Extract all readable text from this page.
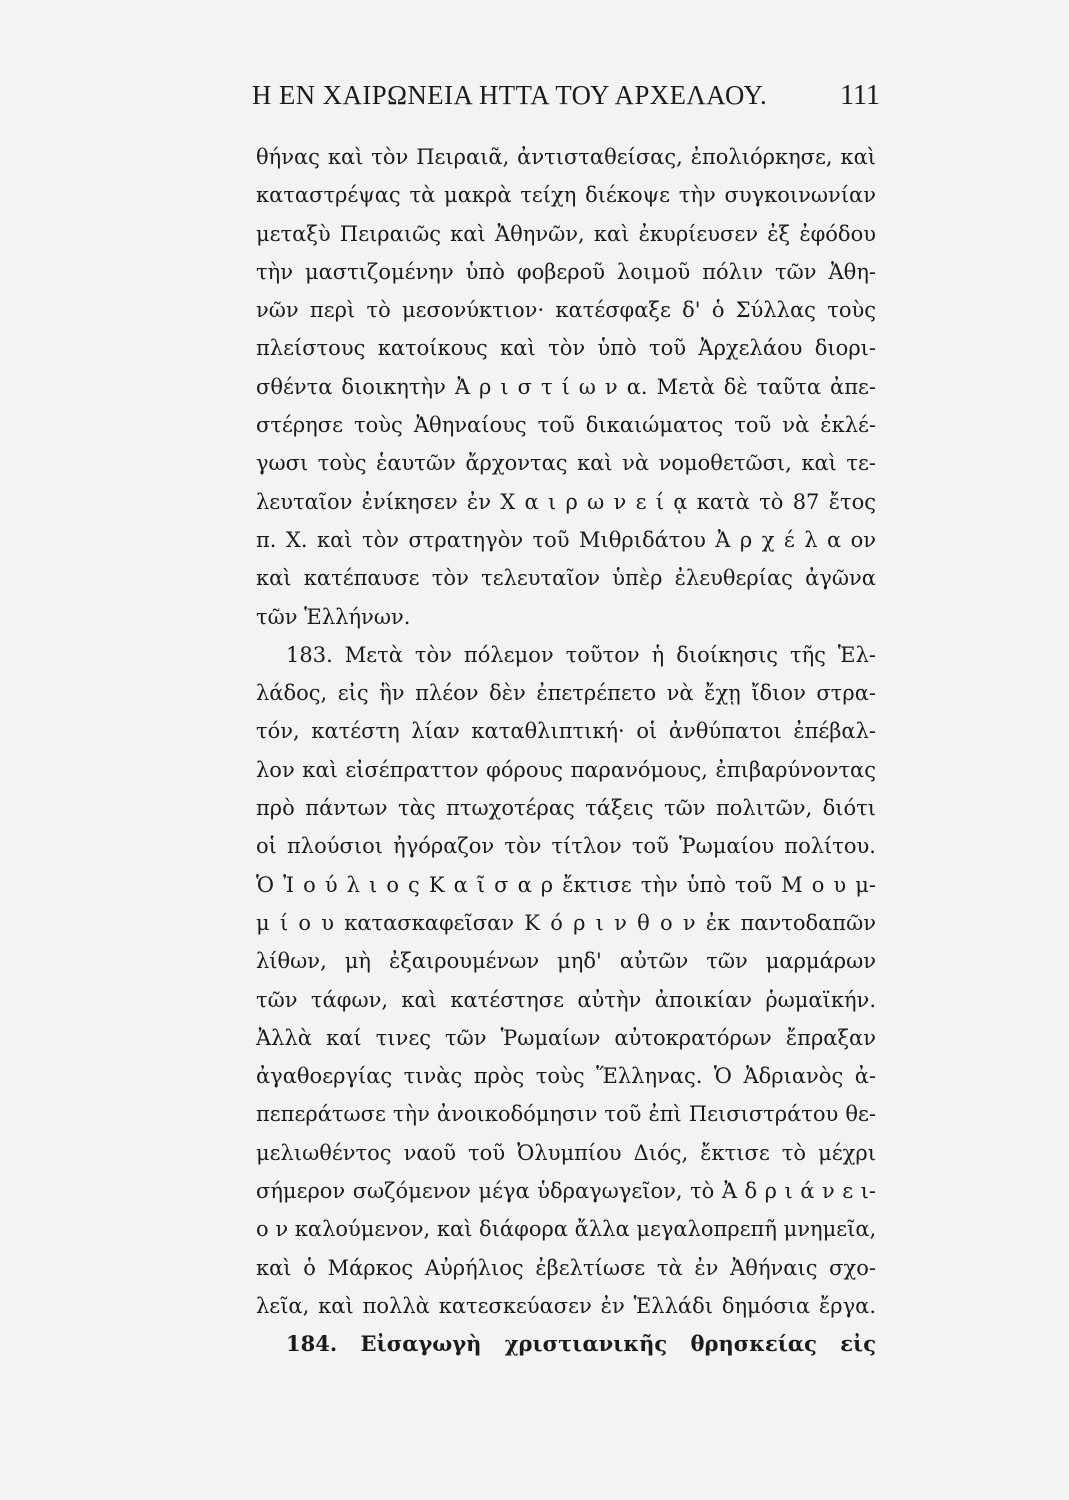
Η ΕΝ ΧΑΙΡΩΝΕΙΑ ΗΤΤΑ ΤΟΥ ΑΡΧΕΛΑΟΥ.	111
θήνας καὶ τὸν Πειραιᾶ, ἀντισταθείσας, ἐπολιόρκησε, καὶ
καταστρέψας τὰ μακρὰ τείχη διέκοψε τὴν συγκοινωνίαν
μεταξὺ Πειραιῶς καὶ Ἀθηνῶν, καὶ ἐκυρίευσεν ἐξ ἐφόδου
τὴν μαστιζομένην ὑπὸ φοβεροῦ λοιμοῦ πόλιν τῶν Ἀθη-
νῶν περὶ τὸ μεσονύκτιον· κατέσφαξε δ' ὁ Σύλλας τοὺς
πλείστους κατοίκους καὶ τὸν ὑπὸ τοῦ Ἀρχελάου διορι-
σθέντα διοικητὴν Ἀ ρ ι σ τ ί ω ν α. Μετὰ δὲ ταῦτα ἀπε-
στέρησε τοὺς Ἀθηναίους τοῦ δικαιώματος τοῦ νὰ ἐκλέ-
γωσι τοὺς ἑαυτῶν ἄρχοντας καὶ νὰ νομοθετῶσι, καὶ τε-
λευταῖον ἐνίκησεν ἐν Χ α ι ρ ω ν ε ί ᾳ κατὰ τὸ 87 ἔτος
π. Χ. καὶ τὸν στρατηγὸν τοῦ Μιθριδάτου Ἀ ρ χ έ λ α ον
καὶ κατέπαυσε τὸν τελευταῖον ὑπὲρ ἐλευθερίας ἀγῶνα
τῶν Ἑλλήνων.
183. Μετὰ τὸν πόλεμον τοῦτον ἡ διοίκησις τῆς Ἑλ-
λάδος, εἰς ἣν πλέον δὲν ἐπετρέπετο νὰ ἔχῃ ἴδιον στρα-
τόν, κατέστη λίαν καταθλιπτική· οἱ ἀνθύπατοι ἐπέβαλ-
λον καὶ εἰσέπραττον φόρους παρανόμους, ἐπιβαρύνοντας
πρὸ πάντων τὰς πτωχοτέρας τάξεις τῶν πολιτῶν, διότι
οἱ πλούσιοι ἠγόραζον τὸν τίτλον τοῦ Ῥωμαίου πολίτου.
Ὁ Ἰ ο ύ λ ι ο ς Κ α ῖ σ α ρ ἔκτισε τὴν ὑπὸ τοῦ Μ ο υ μ-
μ ί ο υ κατασκαφεῖσαν Κ ό ρ ι ν θ ο ν ἐκ παντοδαπῶν
λίθων, μὴ ἐξαιρουμένων μηδ' αὐτῶν τῶν μαρμάρων
τῶν τάφων, καὶ κατέστησε αὐτὴν ἀποικίαν ῥωμαϊκήν.
Ἀλλὰ καί τινες τῶν Ῥωμαίων αὐτοκρατόρων ἔπραξαν
ἀγαθοεργίας τινὰς πρὸς τοὺς Ἕλληνας. Ὁ Ἀδριανὸς ἀ-
πεπεράτωσε τὴν ἀνοικοδόμησιν τοῦ ἐπὶ Πεισιστράτου θε-
μελιωθέντος ναοῦ τοῦ Ὀλυμπίου Διός, ἔκτισε τὸ μέχρι
σήμερον σωζόμενον μέγα ὑδραγωγεῖον, τὸ Ἀ δ ρ ι ά ν ε ι-
ο ν καλούμενον, καὶ διάφορα ἄλλα μεγαλοπρεπῆ μνημεῖα,
καὶ ὁ Μάρκος Αὐρήλιος ἐβελτίωσε τὰ ἐν Ἀθήναις σχο-
λεῖα, καὶ πολλὰ κατεσκεύασεν ἐν Ἑλλάδι δημόσια ἔργα.
184. Εἰσαγωγὴ χριστιανικῆς θρησκείας εἰς
